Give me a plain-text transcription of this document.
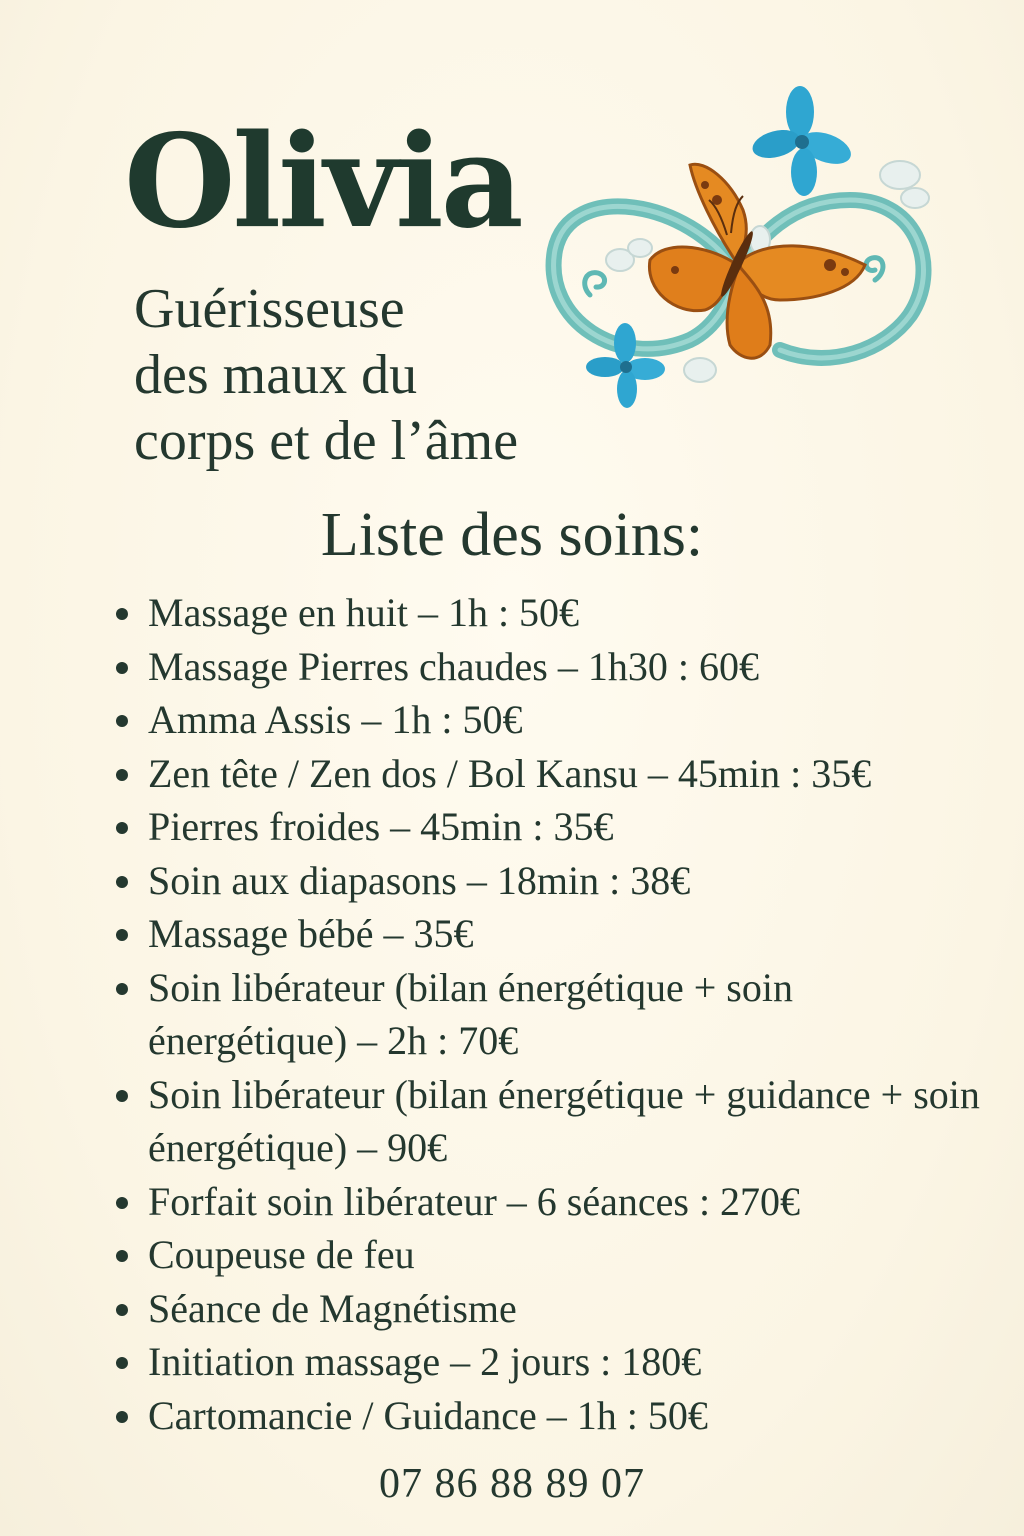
Olivia
Guérisseuse
des maux du
corps et de l’âme
Liste des soins:
Massage en huit – 1h : 50€
Massage Pierres chaudes – 1h30 : 60€
Amma Assis – 1h : 50€
Zen tête / Zen dos / Bol Kansu – 45min : 35€
Pierres froides – 45min : 35€
Soin aux diapasons – 18min : 38€
Massage bébé – 35€
Soin libérateur (bilan énergétique + soin énergétique) – 2h : 70€
Soin libérateur (bilan énergétique + guidance + soin énergétique) – 90€
Forfait soin libérateur – 6 séances : 270€
Coupeuse de feu
Séance de Magnétisme
Initiation massage – 2 jours : 180€
Cartomancie / Guidance – 1h : 50€
07 86 88 89 07
